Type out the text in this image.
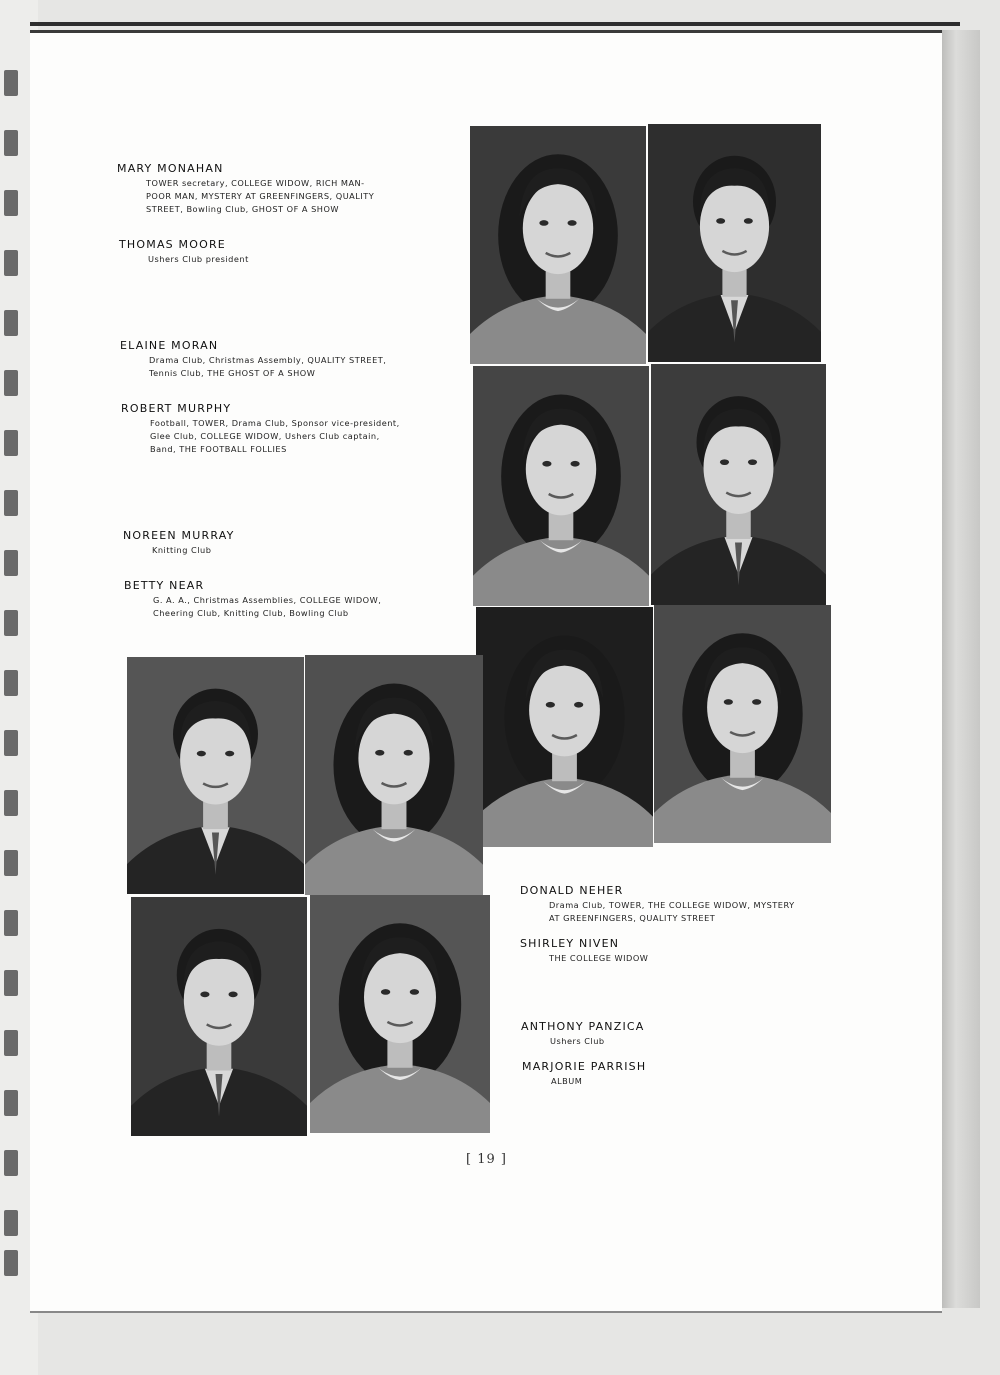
MARY MONAHAN
TOWER secretary, COLLEGE WIDOW, RICH MAN-
POOR MAN, MYSTERY AT GREENFINGERS, QUALITY
STREET, Bowling Club, GHOST OF A SHOW
THOMAS MOORE
Ushers Club president
ELAINE MORAN
Drama Club, Christmas Assembly, QUALITY STREET,
Tennis Club, THE GHOST OF A SHOW
ROBERT MURPHY
Football, TOWER, Drama Club, Sponsor vice-president,
Glee Club, COLLEGE WIDOW, Ushers Club captain,
Band, THE FOOTBALL FOLLIES
NOREEN MURRAY
Knitting Club
BETTY NEAR
G. A. A., Christmas Assemblies, COLLEGE WIDOW,
Cheering Club, Knitting Club, Bowling Club
DONALD NEHER
Drama Club, TOWER, THE COLLEGE WIDOW, MYSTERY
AT GREENFINGERS, QUALITY STREET
SHIRLEY NIVEN
THE COLLEGE WIDOW
ANTHONY PANZICA
Ushers Club
MARJORIE PARRISH
ALBUM
[ 19 ]
